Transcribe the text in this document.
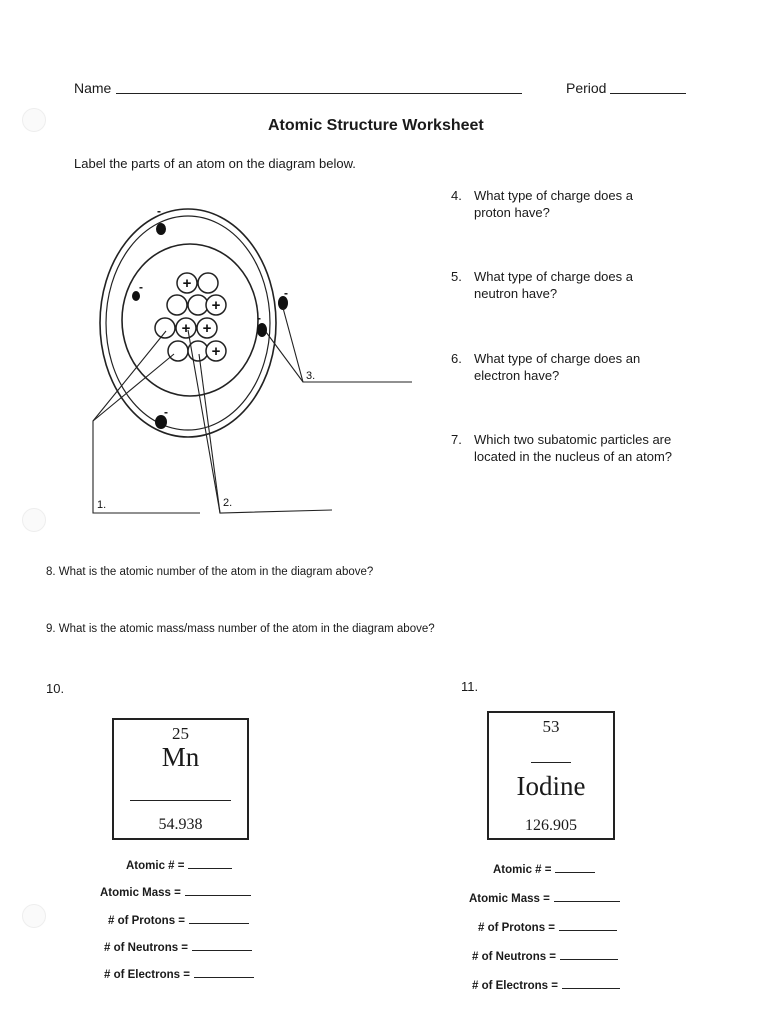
Name	Period
Atomic Structure Worksheet
Label the parts of an atom on the diagram below.
+
+
+ +
+
-
-	-
-
-
1.	2.
3.
4. What type of charge does a proton have?
5. What type of charge does a neutron have?
6. What type of charge does an electron have?
7. Which two subatomic particles are located in the nucleus of an atom?
8. What is the atomic number of the atom in the diagram above?
9. What is the atomic mass/mass number of the atom in the diagram above?
10.
25
Mn
54.938
11.
53
Iodine
126.905
Atomic # =
Atomic Mass =
# of Protons =
# of Neutrons =
# of Electrons =
Atomic # =
Atomic Mass =
# of Protons =
# of Neutrons =
# of Electrons =
